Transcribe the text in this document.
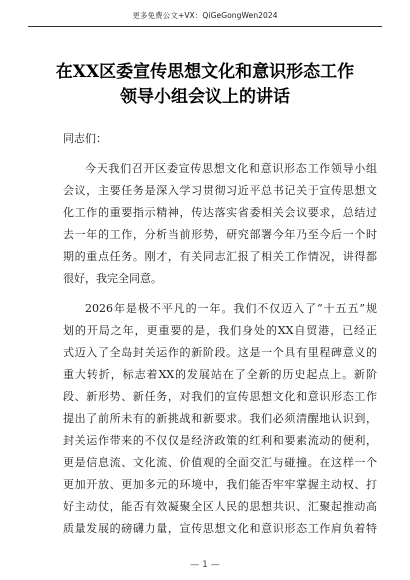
更多免费公文+VX：QiGeGongWen2024
在XX区委宣传思想文化和意识形态工作
领导小组会议上的讲话
同志们：
今天我们召开区委宣传思想文化和意识形态工作领导小组
会议，主要任务是深入学习贯彻习近平总书记关于宣传思想文
化工作的重要指示精神，传达落实省委相关会议要求，总结过
去一年的工作，分析当前形势，研究部署今年乃至今后一个时
期的重点任务。刚才，有关同志汇报了相关工作情况，讲得都
很好，我完全同意。
2026年是极不平凡的一年。我们不仅迈入了“十五五”规
划的开局之年，更重要的是，我们身处的XX自贸港，已经正
式迈入了全岛封关运作的新阶段。这是一个具有里程碑意义的
重大转折，标志着XX的发展站在了全新的历史起点上。新阶
段、新形势、新任务，对我们的宣传思想文化和意识形态工作
提出了前所未有的新挑战和新要求。我们必须清醒地认识到，
封关运作带来的不仅仅是经济政策的红利和要素流动的便利，
更是信息流、文化流、价值观的全面交汇与碰撞。在这样一个
更加开放、更加多元的环境中，我们能否牢牢掌握主动权、打
好主动仗，能否有效凝聚全区人民的思想共识、汇聚起推动高
质量发展的磅礴力量，宣传思想文化和意识形态工作肩负着特
— 1 —
